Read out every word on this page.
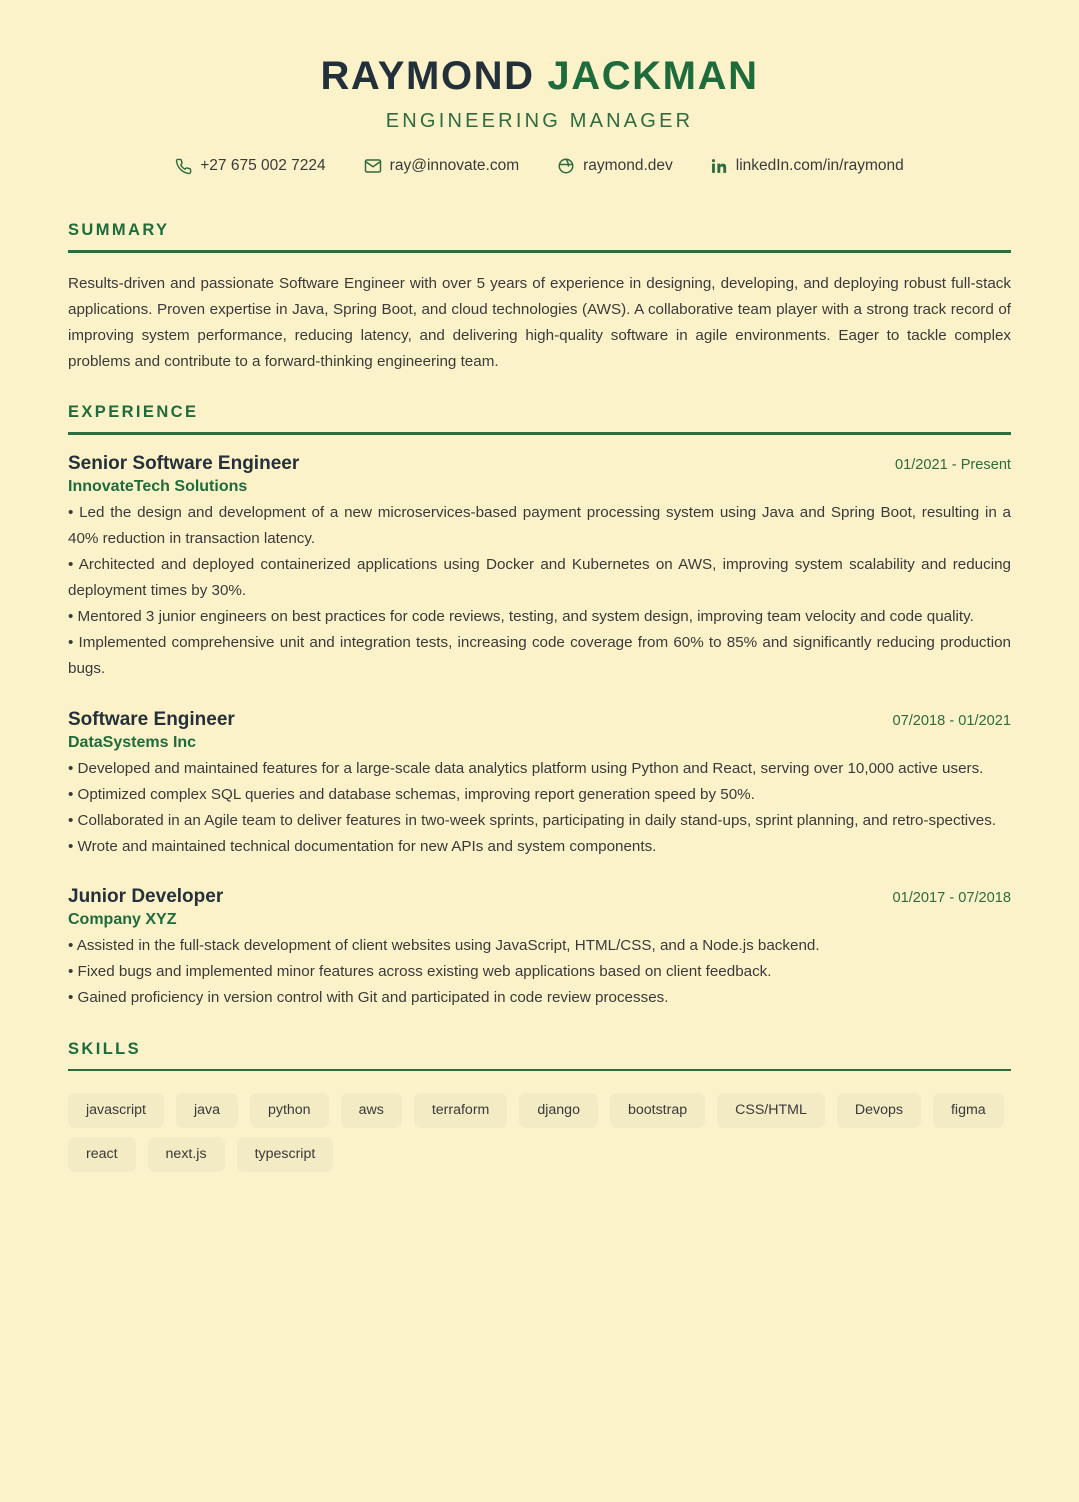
RAYMOND JACKMAN
ENGINEERING MANAGER
+27 675 002 7224	ray@innovate.com	raymond.dev	linkedIn.com/in/raymond
SUMMARY

Results-driven and passionate Software Engineer with over 5 years of experience in designing, developing, and deploying robust full-stack applications. Proven expertise in Java, Spring Boot, and cloud technologies (AWS). A collaborative team player with a strong track record of improving system performance, reducing latency, and delivering high-quality software in agile environments. Eager to tackle complex problems and contribute to a forward-thinking engineering team.

EXPERIENCE
Senior Software Engineer	01/2021 - Present
InnovateTech Solutions

• Led the design and development of a new microservices-based payment processing system using Java and Spring Boot, resulting in a 40% reduction in transaction latency.

• Architected and deployed containerized applications using Docker and Kubernetes on AWS, improving system scalability and reducing deployment times by 30%.

• Mentored 3 junior engineers on best practices for code reviews, testing, and system design, improving team velocity and code quality.

• Implemented comprehensive unit and integration tests, increasing code coverage from 60% to 85% and significantly reducing production bugs.

Software Engineer	07/2018 - 01/2021
DataSystems Inc

• Developed and maintained features for a large-scale data analytics platform using Python and React, serving over 10,000 active users.

• Optimized complex SQL queries and database schemas, improving report generation speed by 50%.

• Collaborated in an Agile team to deliver features in two-week sprints, participating in daily stand-ups, sprint planning, and retro-spectives.

• Wrote and maintained technical documentation for new APIs and system components.

Junior Developer	01/2017 - 07/2018
Company XYZ

• Assisted in the full-stack development of client websites using JavaScript, HTML/CSS, and a Node.js backend.

• Fixed bugs and implemented minor features across existing web applications based on client feedback.

• Gained proficiency in version control with Git and participated in code review processes.

SKILLS
javascript	java	python	aws	terraform	django	bootstrap	CSS/HTML	Devops	figma
react	next.js	typescript
